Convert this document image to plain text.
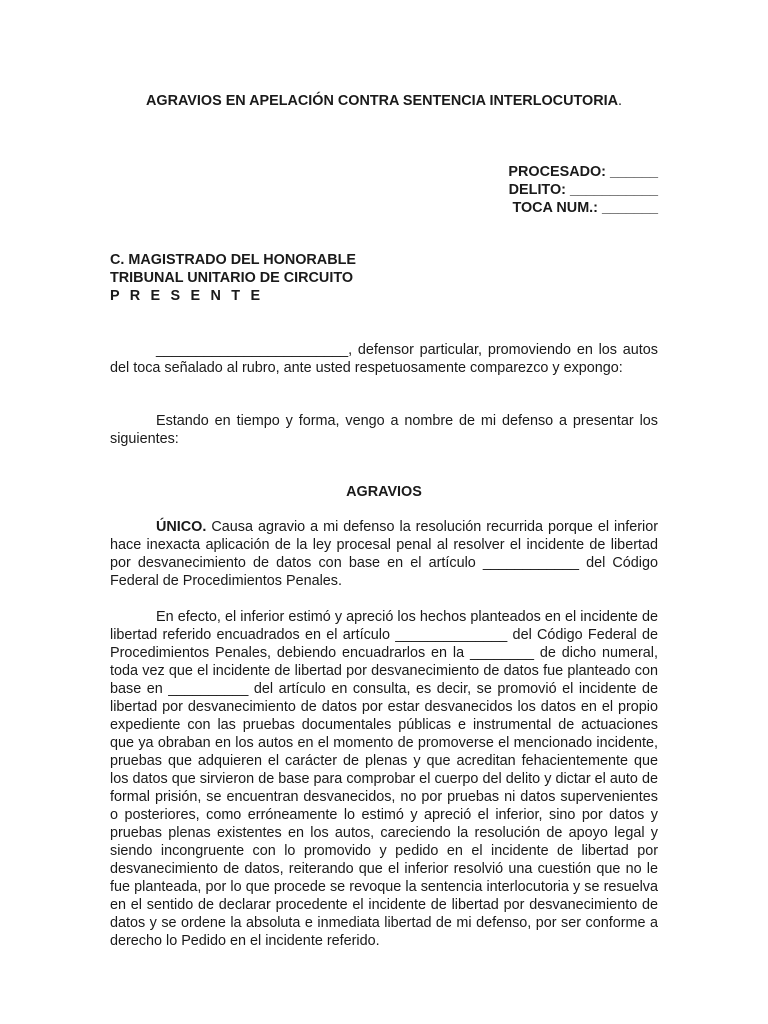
AGRAVIOS EN APELACIÓN CONTRA SENTENCIA INTERLOCUTORIA.
PROCESADO: ______
DELITO: ___________
TOCA NUM.: _______
C. MAGISTRADO DEL HONORABLE
TRIBUNAL UNITARIO DE CIRCUITO
P R E S E N T E
________________________, defensor particular, promoviendo en los autos del toca señalado al rubro, ante usted respetuosamente comparezco y expongo:
Estando en tiempo y forma, vengo a nombre de mi defenso a presentar los siguientes:
AGRAVIOS
ÚNICO. Causa agravio a mi defenso la resolución recurrida porque el inferior hace inexacta aplicación de la ley procesal penal al resolver el incidente de libertad por desvanecimiento de datos con base en el artículo ____________ del Código Federal de Procedimientos Penales.
En efecto, el inferior estimó y apreció los hechos planteados en el incidente de libertad referido encuadrados en el artículo ______________ del Código Federal de Procedimientos Penales, debiendo encuadrarlos en la ________ de dicho numeral, toda vez que el incidente de libertad por desvanecimiento de datos fue planteado con base en __________ del artículo en consulta, es decir, se promovió el incidente de libertad por desvanecimiento de datos por estar desvanecidos los datos en el propio expediente con las pruebas documentales públicas e instrumental de actuaciones que ya obraban en los autos en el momento de promoverse el mencionado incidente, pruebas que adquieren el carácter de plenas y que acreditan fehacientemente que los datos que sirvieron de base para comprobar el cuerpo del delito y dictar el auto de formal prisión, se encuentran desvanecidos, no por pruebas ni datos supervenientes o posteriores, como erróneamente lo estimó y apreció el inferior, sino por datos y pruebas plenas existentes en los autos, careciendo la resolución de apoyo legal y siendo incongruente con lo promovido y pedido en el incidente de libertad por desvanecimiento de datos, reiterando que el inferior resolvió una cuestión que no le fue planteada, por lo que procede se revoque la sentencia interlocutoria y se resuelva en el sentido de declarar procedente el incidente de libertad por desvanecimiento de datos y se ordene la absoluta e inmediata libertad de mi defenso, por ser conforme a derecho lo Pedido en el incidente referido.
